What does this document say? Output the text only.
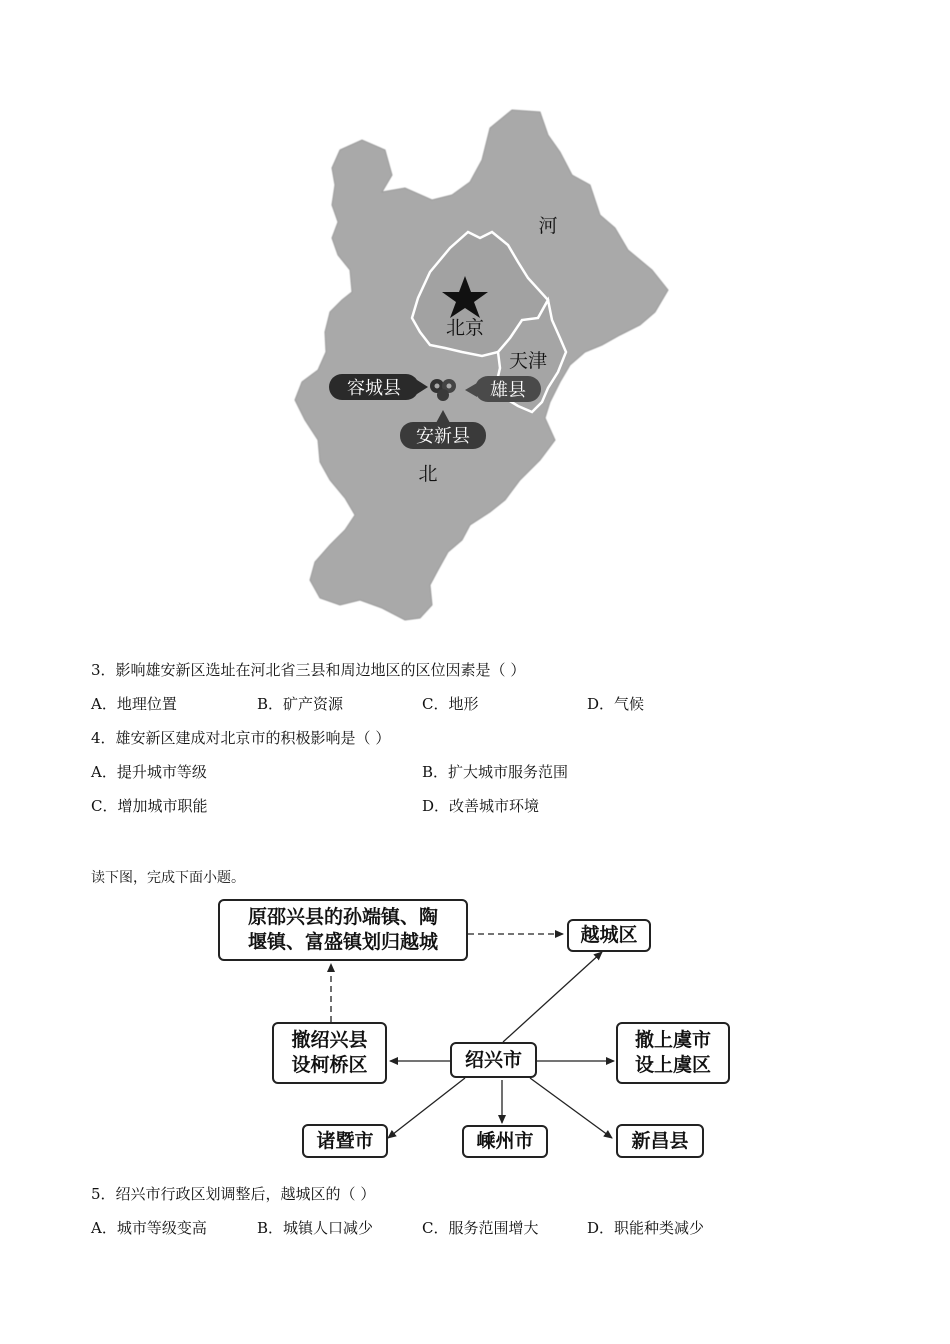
容城县	雄县
安新县
河
北京
天津
北
3．影响雄安新区选址在河北省三县和周边地区的区位因素是（ ）
A．地理位置	B．矿产资源	C．地形	D．气候
4．雄安新区建成对北京市的积极影响是（ ）
A．提升城市等级	B．扩大城市服务范围
C．增加城市职能	D．改善城市环境
读下图，完成下面小题。
原邵兴县的孙端镇、陶
堰镇、富盛镇划归越城	越城区
绍兴市
撤绍兴县
设柯桥区
撤上虞市
设上虞区
诸暨市	嵊州市	新昌县
5．绍兴市行政区划调整后，越城区的（ ）
A．城市等级变高	B．城镇人口减少	C．服务范围增大	D．职能种类减少
